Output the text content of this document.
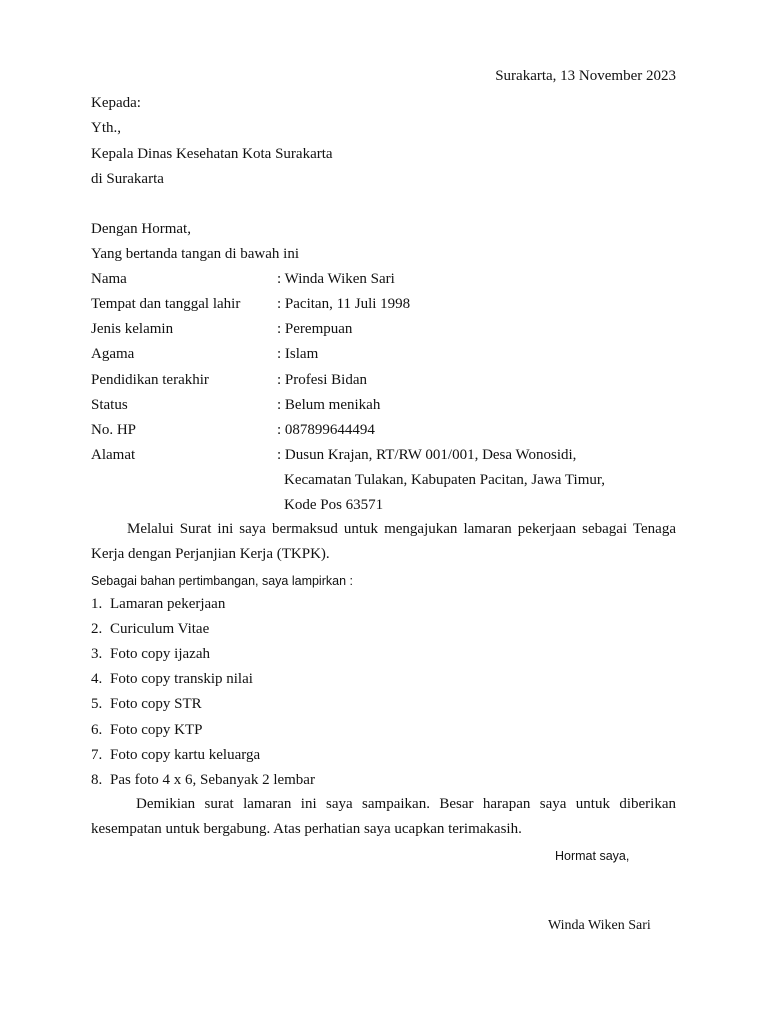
Surakarta, 13 November 2023
Kepada:
Yth.,
Kepala Dinas Kesehatan Kota Surakarta
di Surakarta
Dengan Hormat,
Yang bertanda tangan di bawah ini
Nama	: Winda Wiken Sari
Tempat dan tanggal lahir : Pacitan, 11 Juli 1998
Jenis kelamin	: Perempuan
Agama	: Islam
Pendidikan terakhir	: Profesi Bidan
Status	: Belum menikah
No. HP	: 087899644494
Alamat	: Dusun Krajan, RT/RW 001/001, Desa Wonosidi,
Kecamatan Tulakan, Kabupaten Pacitan, Jawa Timur,
Kode Pos 63571
Melalui Surat ini saya bermaksud untuk mengajukan lamaran pekerjaan sebagai Tenaga Kerja dengan Perjanjian Kerja (TKPK).
Sebagai bahan pertimbangan, saya lampirkan :
1. Lamaran pekerjaan
2. Curiculum Vitae
3. Foto copy ijazah
4. Foto copy transkip nilai
5. Foto copy STR
6. Foto copy KTP
7. Foto copy kartu keluarga
8. Pas foto 4 x 6, Sebanyak 2 lembar
Demikian surat lamaran ini saya sampaikan. Besar harapan saya untuk diberikan kesempatan untuk bergabung. Atas perhatian saya ucapkan terimakasih.
Hormat saya,
Winda Wiken Sari
